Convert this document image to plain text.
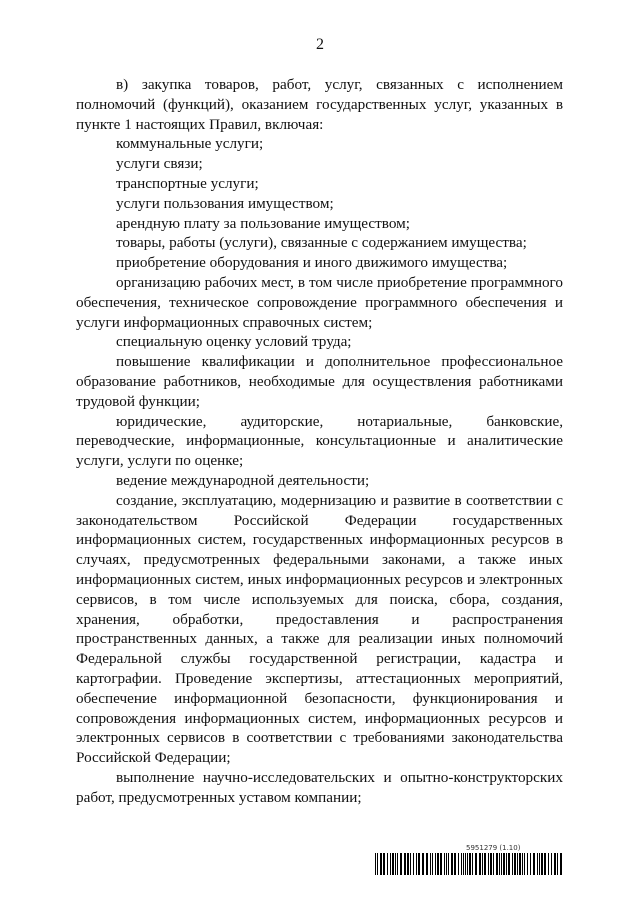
2

в) закупка товаров, работ, услуг, связанных с исполнением полномочий (функций), оказанием государственных услуг, указанных в пункте 1 настоящих Правил, включая:

коммунальные услуги;

услуги связи;

транспортные услуги;

услуги пользования имуществом;

арендную плату за пользование имуществом;

товары, работы (услуги), связанные с содержанием имущества;

приобретение оборудования и иного движимого имущества;

организацию рабочих мест, в том числе приобретение программного обеспечения, техническое сопровождение программного обеспечения и услуги информационных справочных систем;

специальную оценку условий труда;

повышение квалификации и дополнительное профессиональное образование работников, необходимые для осуществления работниками трудовой функции;

юридические, аудиторские, нотариальные, банковские, переводческие, информационные, консультационные и аналитические услуги, услуги по оценке;

ведение международной деятельности;

создание, эксплуатацию, модернизацию и развитие в соответствии с законодательством Российской Федерации государственных информационных систем, государственных информационных ресурсов в случаях, предусмотренных федеральными законами, а также иных информационных систем, иных информационных ресурсов и электронных сервисов, в том числе используемых для поиска, сбора, создания, хранения, обработки, предоставления и распространения пространственных данных, а также для реализации иных полномочий Федеральной службы государственной регистрации, кадастра и картографии. Проведение экспертизы, аттестационных мероприятий, обеспечение информационной безопасности, функционирования и сопровождения информационных систем, информационных ресурсов и электронных сервисов в соответствии с требованиями законодательства Российской Федерации;

выполнение научно-исследовательских и опытно-конструкторских работ, предусмотренных уставом компании;

5951279 (1.10)
